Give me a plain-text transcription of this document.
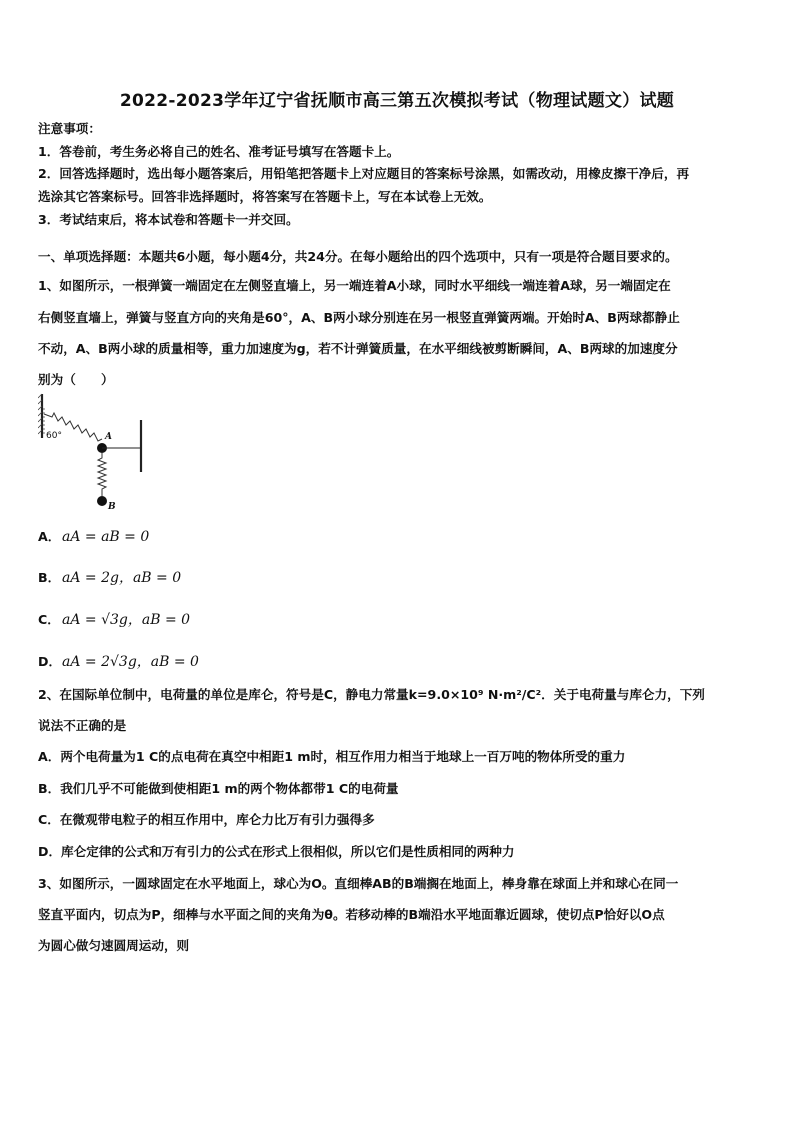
2022-2023学年辽宁省抚顺市高三第五次模拟考试（物理试题文）试题
注意事项：
1．答卷前，考生务必将自己的姓名、准考证号填写在答题卡上。
2．回答选择题时，选出每小题答案后，用铅笔把答题卡上对应题目的答案标号涂黑，如需改动，用橡皮擦干净后，再
选涂其它答案标号。回答非选择题时，将答案写在答题卡上，写在本试卷上无效。
3．考试结束后，将本试卷和答题卡一并交回。
一、单项选择题：本题共6小题，每小题4分，共24分。在每小题给出的四个选项中，只有一项是符合题目要求的。
1、如图所示，一根弹簧一端固定在左侧竖直墙上，另一端连着A小球，同时水平细线一端连着A球，另一端固定在
右侧竖直墙上，弹簧与竖直方向的夹角是60°，A、B两小球分别连在另一根竖直弹簧两端。开始时A、B两球都静止
不动，A、B两小球的质量相等，重力加速度为g，若不计弹簧质量，在水平细线被剪断瞬间，A、B两球的加速度分
别为（　　）
60°	A
B
A． aA = aB = 0
B． aA = 2g，aB = 0
C． aA = √3g，aB = 0
D．aA = 2√3g，aB = 0
2、在国际单位制中，电荷量的单位是库仑，符号是C，静电力常量k=9.0×10⁹ N·m²/C²．关于电荷量与库仑力，下列
说法不正确的是
A．两个电荷量为1 C的点电荷在真空中相距1 m时，相互作用力相当于地球上一百万吨的物体所受的重力
B．我们几乎不可能做到使相距1 m的两个物体都带1 C的电荷量
C．在微观带电粒子的相互作用中，库仑力比万有引力强得多
D．库仑定律的公式和万有引力的公式在形式上很相似，所以它们是性质相同的两种力
3、如图所示，一圆球固定在水平地面上，球心为O。直细棒AB的B端搁在地面上，棒身靠在球面上并和球心在同一
竖直平面内，切点为P，细棒与水平面之间的夹角为θ。若移动棒的B端沿水平地面靠近圆球，使切点P恰好以O点
为圆心做匀速圆周运动，则
